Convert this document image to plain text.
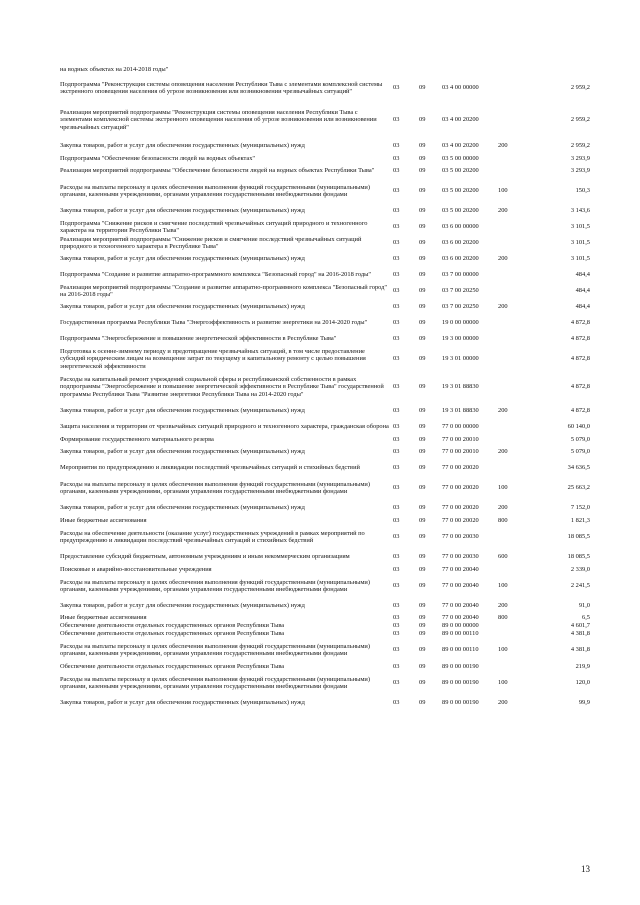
на водных объектах на 2014-2018 годы"
Подпрограмма "Реконструкция системы оповещения населения Республики Тыва с элементами комплексной системы экстренного оповещения населения об угрозе возникновения или возникновении чрезвычайных ситуаций"
03	09	03 4 00 00000	2 959,2
Реализация мероприятий подпрограммы "Реконструкция системы оповещения населения Республики Тыва с элементами комплексной системы экстренного оповещения населения об угрозе возникновения или возникновении чрезвычайных ситуаций"
03	09	03 4 00 20200	2 959,2
Закупка товаров, работ и услуг для обеспечения государственных (муниципальных) нужд	03	09	03 4 00 20200	200	2 959,2
Подпрограмма "Обеспечение безопасности людей на водных объектах"	03	09	03 5 00 00000	3 293,9
Реализация мероприятий подпрограммы "Обеспечение безопасности людей на водных объектах Республики Тыва"	03	09	03 5 00 20200	3 293,9
Расходы на выплаты персоналу в целях обеспечения выполнения функций государственными (муниципальными) органами, казенными учреждениями, органами управления государственными внебюджетными фондами
03	09	03 5 00 20200	100	150,3
Закупка товаров, работ и услуг для обеспечения государственных (муниципальных) нужд	03	09	03 5 00 20200	200	3 143,6
Подпрограмма "Снижение рисков и смягчение последствий чрезвычайных ситуаций природного и техногенного характера на территории Республики Тыва"
03	09	03 6 00 00000	3 101,5
Реализация мероприятий подпрограммы "Снижение рисков и смягчение последствий чрезвычайных ситуаций природного и техногенного характера в Республике Тыва"
03	09	03 6 00 20200	3 101,5
Закупка товаров, работ и услуг для обеспечения государственных (муниципальных) нужд	03	09	03 6 00 20200	200	3 101,5
Подпрограмма "Создание и развитие аппаратно-программного комплекса "Безопасный город" на 2016-2018 годы"	03	09	03 7 00 00000	484,4
Реализация мероприятий подпрограммы "Создание и развитие аппаратно-программного комплекса "Безопасный город" на 2016-2018 годы"
03	09	03 7 00 20250	484,4
Закупка товаров, работ и услуг для обеспечения государственных (муниципальных) нужд	03	09	03 7 00 20250	200	484,4
Государственная программа Республики Тыва "Энергоэффективность и развитие энергетики на 2014-2020 годы"	03	09	19 0 00 00000	4 872,8
Подпрограмма "Энергосбережение и повышение энергетической эффективности в Республике Тыва"	03	09	19 3 00 00000	4 872,8
Подготовка к осенне-зимнему периоду и предотвращение чрезвычайных ситуаций, в том числе предоставление субсидий юридическим лицам на возмещение затрат по текущему и капитальному ремонту с целью повышения энергетической эффективности
03	09	19 3 01 00000	4 872,8
Расходы на капитальный ремонт учреждений социальной сферы и республиканской собственности в рамках подпрограммы "Энергосбережение и повышение энергетической эффективности в Республике Тыва" государственной программы Республики Тыва "Развитие энергетики Республики Тыва на 2014-2020 годы"
03	09	19 3 01 88830	4 872,8
Закупка товаров, работ и услуг для обеспечения государственных (муниципальных) нужд	03	09	19 3 01 88830	200	4 872,8
Защита населения и территории от чрезвычайных ситуаций природного и техногенного характера, гражданская оборона 03	09	77 0 00 00000	60 140,0
Формирование государственного материального резерва	03	09	77 0 00 20010	5 079,0
Закупка товаров, работ и услуг для обеспечения государственных (муниципальных) нужд	03	09	77 0 00 20010	200	5 079,0
Мероприятия по предупреждению и ликвидации последствий чрезвычайных ситуаций и стихийных бедствий	03	09	77 0 00 20020	34 636,5
Расходы на выплаты персоналу в целях обеспечения выполнения функций государственными (муниципальными) органами, казенными учреждениями, органами управления государственными внебюджетными фондами
03	09	77 0 00 20020	100	25 663,2
Закупка товаров, работ и услуг для обеспечения государственных (муниципальных) нужд	03	09	77 0 00 20020	200	7 152,0
Иные бюджетные ассигнования	03	09	77 0 00 20020	800	1 821,3
Расходы на обеспечение деятельности (оказание услуг) государственных учреждений в рамках мероприятий по предупреждению и ликвидации последствий чрезвычайных ситуаций и стихийных бедствий
03	09	77 0 00 20030	18 085,5
Предоставление субсидий бюджетным, автономным учреждениям и иным некоммерческим организациям	03	09	77 0 00 20030	600	18 085,5
Поисковые и аварийно-восстановительные учреждения	03	09	77 0 00 20040	2 339,0
Расходы на выплаты персоналу в целях обеспечения выполнения функций государственными (муниципальными) органами, казенными учреждениями, органами управления государственными внебюджетными фондами
03	09	77 0 00 20040	100	2 241,5
Закупка товаров, работ и услуг для обеспечения государственных (муниципальных) нужд	03	09	77 0 00 20040	200	91,0
Иные бюджетные ассигнования	03	09	77 0 00 20040	800	6,5
Обеспечение деятельности отдельных государственных органов Республики Тыва	03	09	89 0 00 00000	4 601,7
Обеспечение деятельности отдельных государственных органов Республики Тыва	03	09	89 0 00 00110	4 381,8
Расходы на выплаты персоналу в целях обеспечения выполнения функций государственными (муниципальными) органами, казенными учреждениями, органами управления государственными внебюджетными фондами
03	09	89 0 00 00110	100	4 381,8
Обеспечение деятельности отдельных государственных органов Республики Тыва	03	09	89 0 00 00190	219,9
Расходы на выплаты персоналу в целях обеспечения выполнения функций государственными (муниципальными) органами, казенными учреждениями, органами управления государственными внебюджетными фондами
03	09	89 0 00 00190	100	120,0
Закупка товаров, работ и услуг для обеспечения государственных (муниципальных) нужд	03	09	89 0 00 00190	200	99,9
13
